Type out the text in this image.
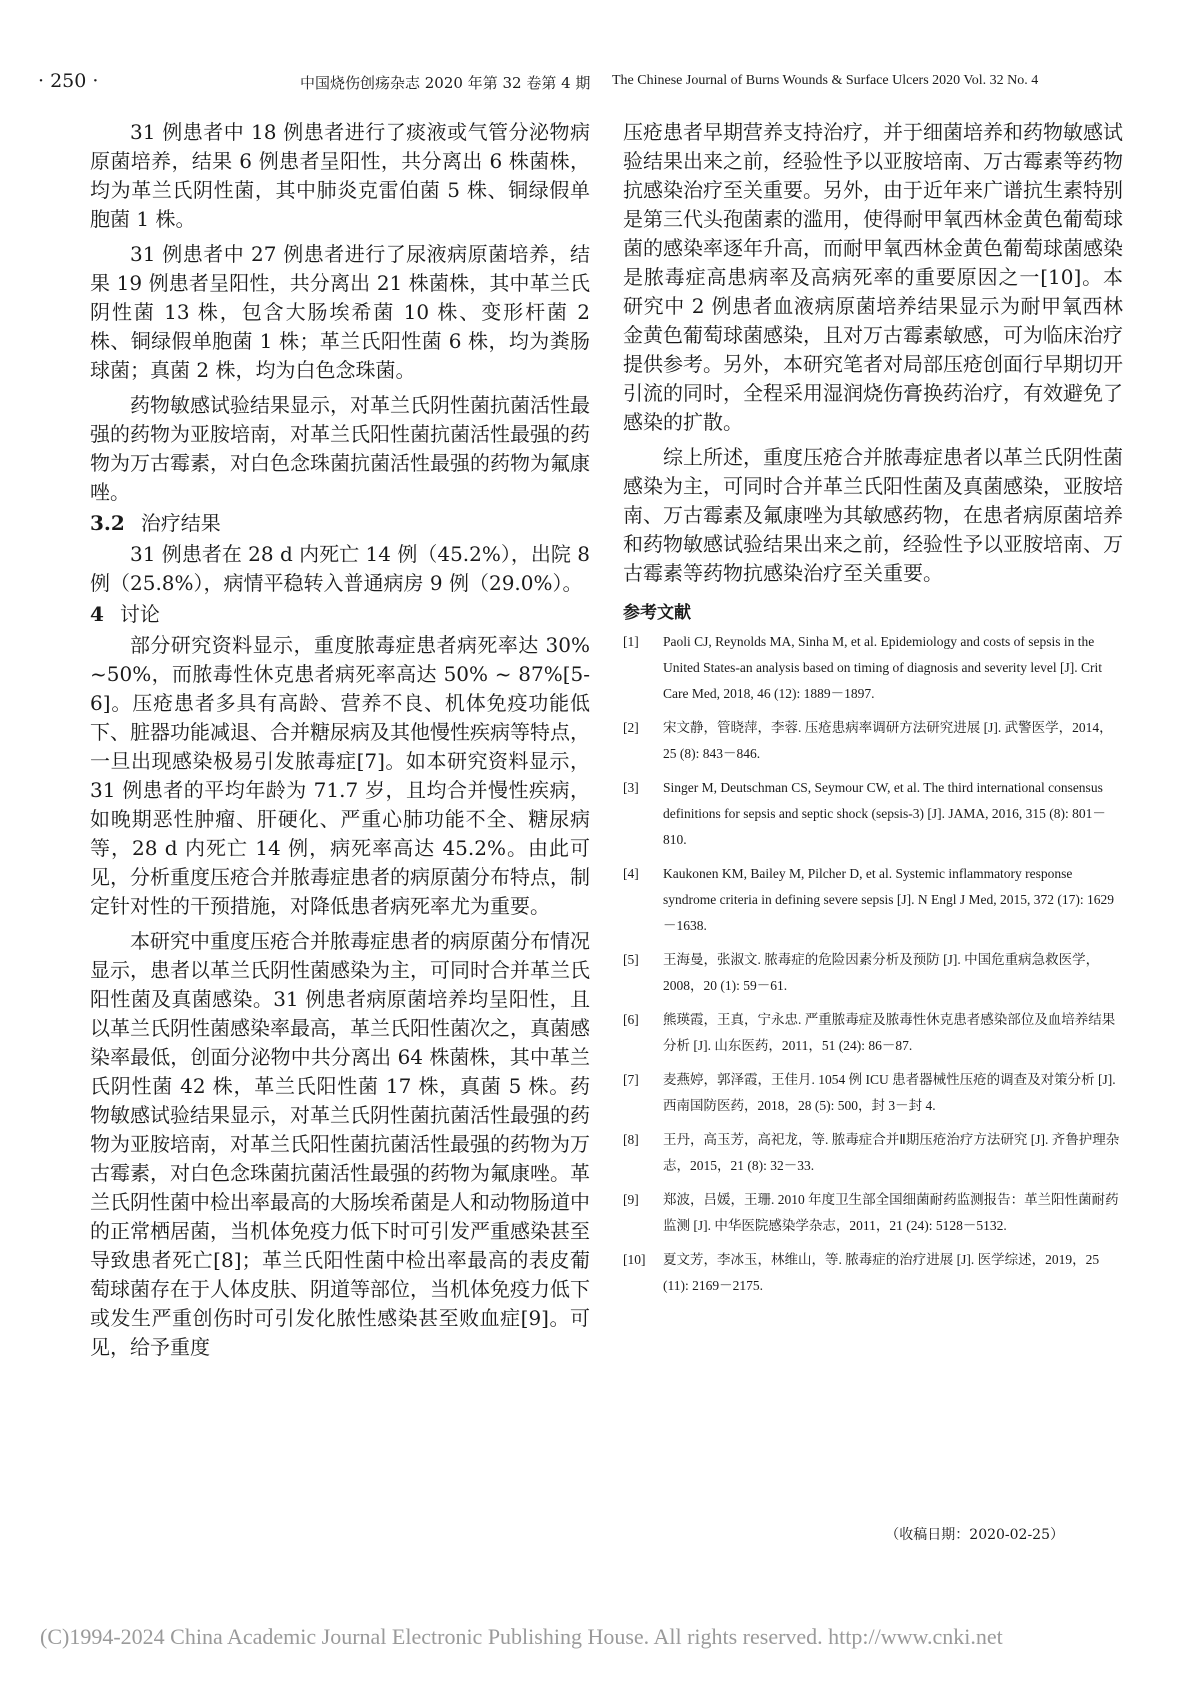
· 250 ·	中国烧伤创疡杂志 2020 年第 32 卷第 4 期 The Chinese Journal of Burns Wounds & Surface Ulcers 2020 Vol. 32 No. 4

31 例患者中 18 例患者进行了痰液或气管分泌物病原菌培养，结果 6 例患者呈阳性，共分离出 6 株菌株，均为革兰氏阴性菌，其中肺炎克雷伯菌 5 株、铜绿假单胞菌 1 株。

31 例患者中 27 例患者进行了尿液病原菌培养，结果 19 例患者呈阳性，共分离出 21 株菌株，其中革兰氏阴性菌 13 株，包含大肠埃希菌 10 株、变形杆菌 2 株、铜绿假单胞菌 1 株；革兰氏阳性菌 6 株，均为粪肠球菌；真菌 2 株，均为白色念珠菌。

药物敏感试验结果显示，对革兰氏阴性菌抗菌活性最强的药物为亚胺培南，对革兰氏阳性菌抗菌活性最强的药物为万古霉素，对白色念珠菌抗菌活性最强的药物为氟康唑。

3.2 治疗结果

31 例患者在 28 d 内死亡 14 例（45.2%），出院 8 例（25.8%），病情平稳转入普通病房 9 例（29.0%）。

4 讨论

部分研究资料显示，重度脓毒症患者病死率达 30% ~50%，而脓毒性休克患者病死率高达 50% ~ 87%[5-6]。压疮患者多具有高龄、营养不良、机体免疫功能低下、脏器功能减退、合并糖尿病及其他慢性疾病等特点，一旦出现感染极易引发脓毒症[7]。如本研究资料显示，31 例患者的平均年龄为 71.7 岁，且均合并慢性疾病，如晚期恶性肿瘤、肝硬化、严重心肺功能不全、糖尿病等，28 d 内死亡 14 例，病死率高达 45.2%。由此可见，分析重度压疮合并脓毒症患者的病原菌分布特点，制定针对性的干预措施，对降低患者病死率尤为重要。

本研究中重度压疮合并脓毒症患者的病原菌分布情况显示，患者以革兰氏阴性菌感染为主，可同时合并革兰氏阳性菌及真菌感染。31 例患者病原菌培养均呈阳性，且以革兰氏阴性菌感染率最高，革兰氏阳性菌次之，真菌感染率最低，创面分泌物中共分离出 64 株菌株，其中革兰氏阴性菌 42 株，革兰氏阳性菌 17 株，真菌 5 株。药物敏感试验结果显示，对革兰氏阴性菌抗菌活性最强的药物为亚胺培南，对革兰氏阳性菌抗菌活性最强的药物为万古霉素，对白色念珠菌抗菌活性最强的药物为氟康唑。革兰氏阴性菌中检出率最高的大肠埃希菌是人和动物肠道中的正常栖居菌，当机体免疫力低下时可引发严重感染甚至导致患者死亡[8]；革兰氏阳性菌中检出率最高的表皮葡萄球菌存在于人体皮肤、阴道等部位，当机体免疫力低下或发生严重创伤时可引发化脓性感染甚至败血症[9]。可见，给予重度

压疮患者早期营养支持治疗，并于细菌培养和药物敏感试验结果出来之前，经验性予以亚胺培南、万古霉素等药物抗感染治疗至关重要。另外，由于近年来广谱抗生素特别是第三代头孢菌素的滥用，使得耐甲氧西林金黄色葡萄球菌的感染率逐年升高，而耐甲氧西林金黄色葡萄球菌感染是脓毒症高患病率及高病死率的重要原因之一[10]。本研究中 2 例患者血液病原菌培养结果显示为耐甲氧西林金黄色葡萄球菌感染，且对万古霉素敏感，可为临床治疗提供参考。另外，本研究笔者对局部压疮创面行早期切开引流的同时，全程采用湿润烧伤膏换药治疗，有效避免了感染的扩散。

综上所述，重度压疮合并脓毒症患者以革兰氏阴性菌感染为主，可同时合并革兰氏阳性菌及真菌感染，亚胺培南、万古霉素及氟康唑为其敏感药物，在患者病原菌培养和药物敏感试验结果出来之前，经验性予以亚胺培南、万古霉素等药物抗感染治疗至关重要。

参考文献
[1] Paoli CJ, Reynolds MA, Sinha M, et al. Epidemiology and costs of sepsis in the United States-an analysis based on timing of diagnosis and severity level [J]. Crit Care Med, 2018, 46 (12): 1889－1897.
[2] 宋文静，管晓萍，李蓉. 压疮患病率调研方法研究进展 [J]. 武警医学，2014，25 (8): 843－846.
[3] Singer M, Deutschman CS, Seymour CW, et al. The third international consensus definitions for sepsis and septic shock (sepsis-3) [J]. JAMA, 2016, 315 (8): 801－810.
[4] Kaukonen KM, Bailey M, Pilcher D, et al. Systemic inflammatory response syndrome criteria in defining severe sepsis [J]. N Engl J Med, 2015, 372 (17): 1629－1638.
[5] 王海曼，张淑文. 脓毒症的危险因素分析及预防 [J]. 中国危重病急救医学，2008，20 (1): 59－61.
[6] 熊瑛霞，王真，宁永忠. 严重脓毒症及脓毒性休克患者感染部位及血培养结果分析 [J]. 山东医药，2011，51 (24): 86－87.
[7] 麦燕婷，郭泽霞，王佳月. 1054 例 ICU 患者器械性压疮的调查及对策分析 [J]. 西南国防医药，2018，28 (5): 500，封 3－封 4.
[8] 王丹，高玉芳，高祀龙，等. 脓毒症合并Ⅱ期压疮治疗方法研究 [J]. 齐鲁护理杂志，2015，21 (8): 32－33.
[9] 郑波，吕媛，王珊. 2010 年度卫生部全国细菌耐药监测报告：革兰阳性菌耐药监测 [J]. 中华医院感染学杂志，2011，21 (24): 5128－5132.
[10] 夏文芳，李冰玉，林维山，等. 脓毒症的治疗进展 [J]. 医学综述，2019，25 (11): 2169－2175.
（收稿日期：2020-02-25）
(C)1994-2024 China Academic Journal Electronic Publishing House. All rights reserved. http://www.cnki.net
